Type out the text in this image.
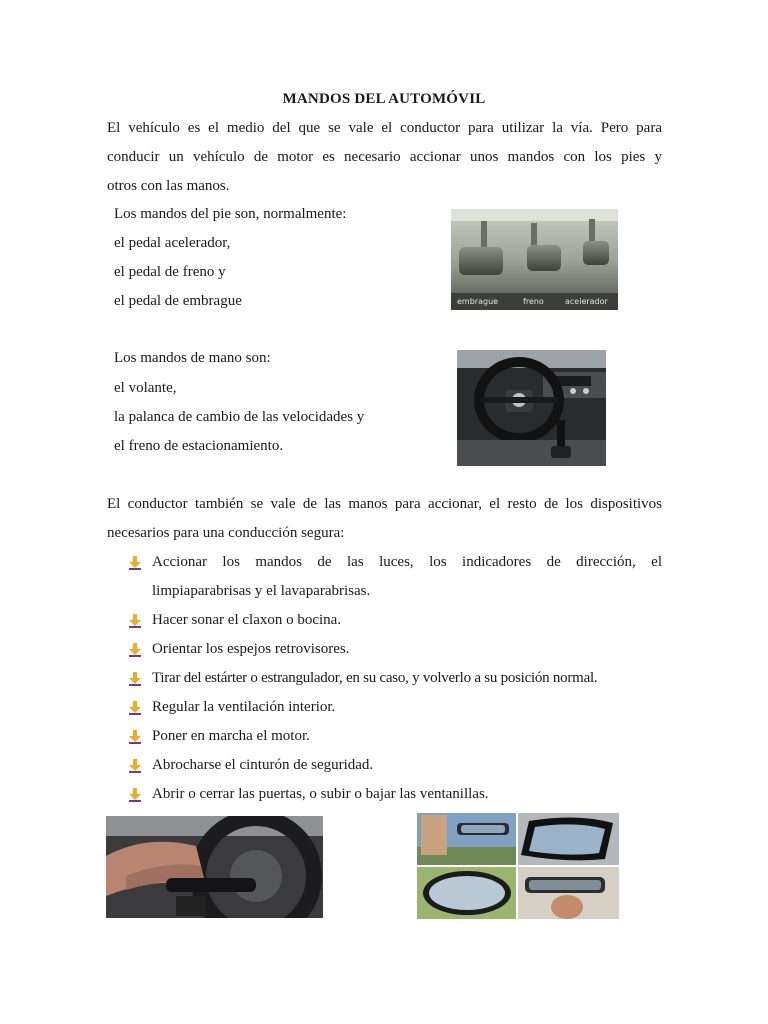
MANDOS DEL AUTOMÓVIL
El vehículo es el medio del que se vale el conductor para utilizar la vía. Pero para
conducir un vehículo de motor es necesario accionar unos mandos con los pies y
otros con las manos.
Los mandos del pie son, normalmente:
el pedal acelerador,
el pedal de freno y
el pedal de embrague	embrague	freno	acelerador
Los mandos de mano son:
el volante,
la palanca de cambio de las velocidades y
el freno de estacionamiento.
El conductor también se vale de las manos para accionar, el resto de los dispositivos
necesarios para una conducción segura:
Accionar los mandos de las luces, los indicadores de dirección, el
limpiaparabrisas y el lavaparabrisas.
Hacer sonar el claxon o bocina.
Orientar los espejos retrovisores.
Tirar del estárter o estrangulador, en su caso, y volverlo a su posición normal.
Regular la ventilación interior.
Poner en marcha el motor.
Abrocharse el cinturón de seguridad.
Abrir o cerrar las puertas, o subir o bajar las ventanillas.
